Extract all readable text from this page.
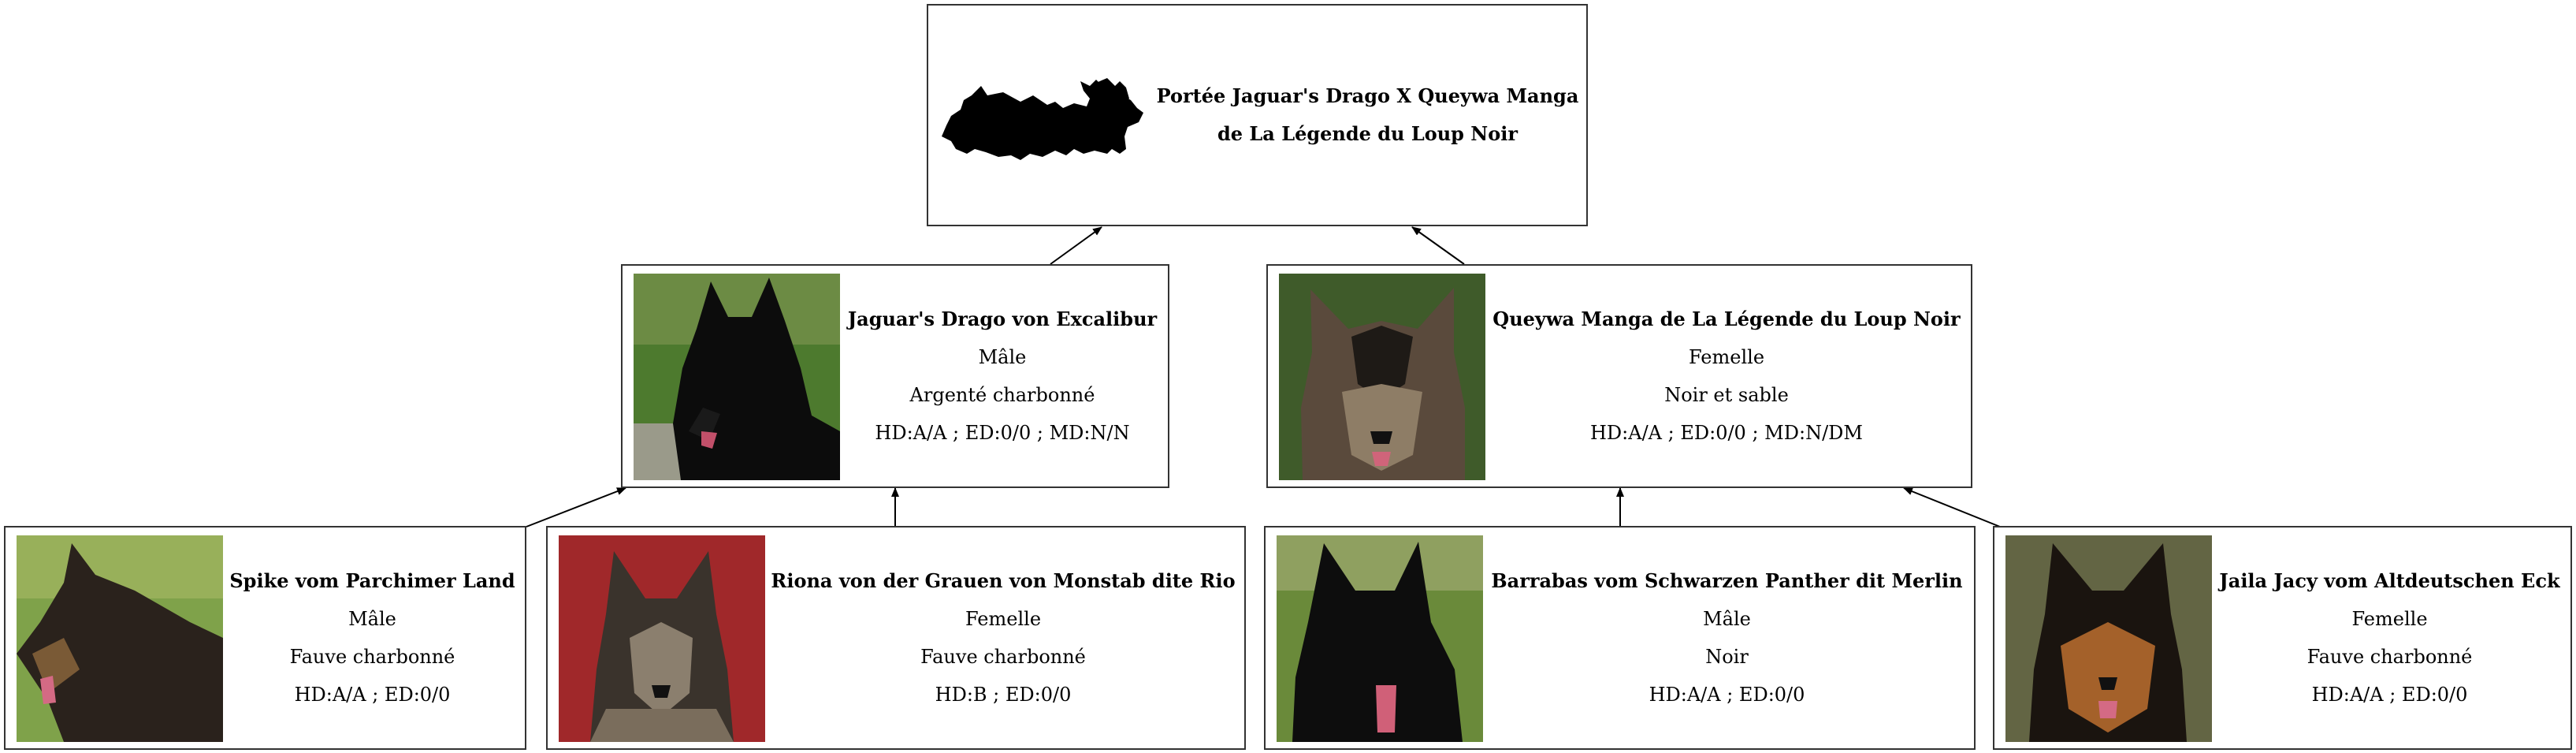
Portée Jaguar's Drago X Queywa Manga
de La Légende du Loup Noir
Jaguar's Drago von Excalibur
Mâle
Argenté charbonné
HD:A/A ; ED:0/0 ; MD:N/N
Queywa Manga de La Légende du Loup Noir
Femelle
Noir et sable
HD:A/A ; ED:0/0 ; MD:N/DM
Spike vom Parchimer Land
Mâle
Fauve charbonné
HD:A/A ; ED:0/0
Riona von der Grauen von Monstab dite Rio
Femelle
Fauve charbonné
HD:B ; ED:0/0
Barrabas vom Schwarzen Panther dit Merlin
Mâle
Noir
HD:A/A ; ED:0/0
Jaila Jacy vom Altdeutschen Eck
Femelle
Fauve charbonné
HD:A/A ; ED:0/0
